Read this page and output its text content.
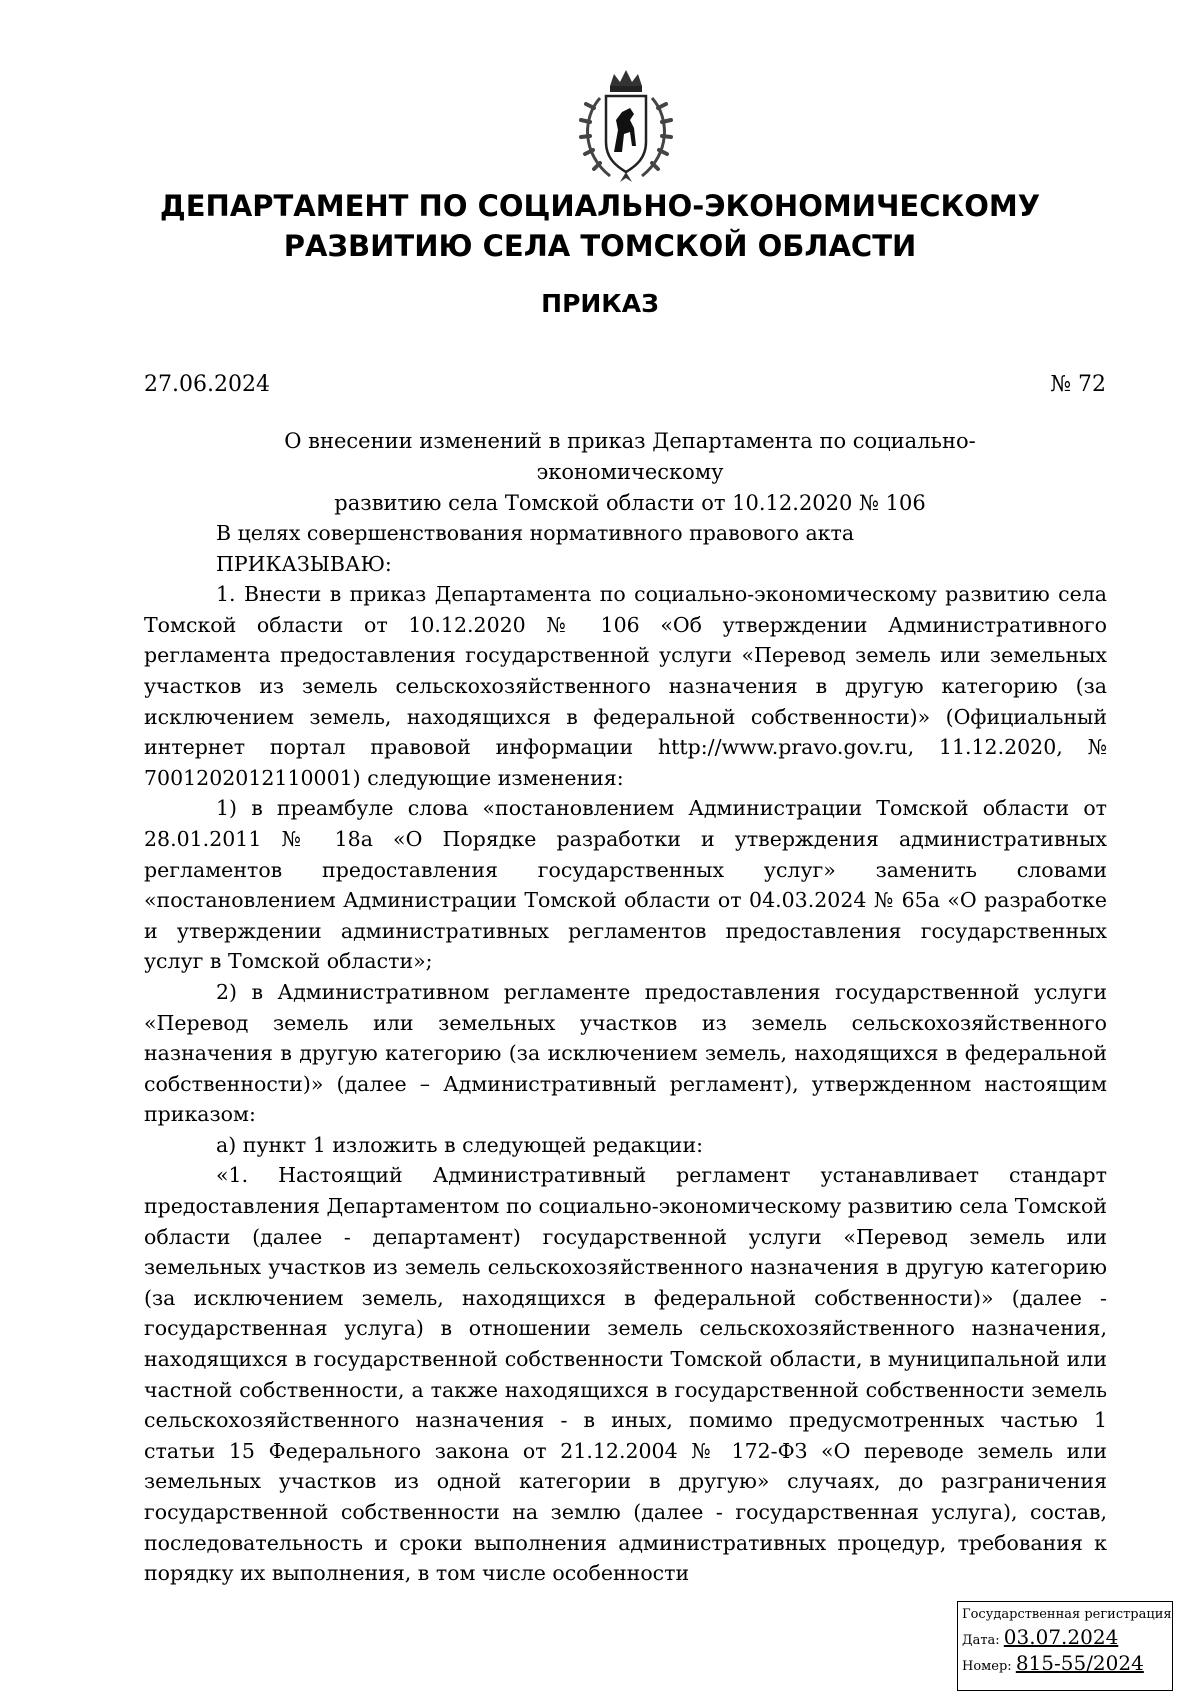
ДЕПАРТАМЕНТ ПО СОЦИАЛЬНО-ЭКОНОМИЧЕСКОМУ
РАЗВИТИЮ СЕЛА ТОМСКОЙ ОБЛАСТИ
ПРИКАЗ
27.06.2024	№ 72
О внесении изменений в приказ Департамента по социально-экономическому
развитию села Томской области от 10.12.2020 № 106

В целях совершенствования нормативного правового акта

ПРИКАЗЫВАЮ:

1. Внести в приказ Департамента по социально-экономическому развитию села Томской области от 10.12.2020 № 106 «Об утверждении Административного регламента предоставления государственной услуги «Перевод земель или земельных участков из земель сельскохозяйственного назначения в другую категорию (за исключением земель, находящихся в федеральной собственности)» (Официальный интернет портал правовой информации http://www.pravo.gov.ru, 11.12.2020, № 7001202012110001) следующие изменения:

1) в преамбуле слова «постановлением Администрации Томской области от 28.01.2011 № 18а «О Порядке разработки и утверждения административных регламентов предоставления государственных услуг» заменить словами «постановлением Администрации Томской области от 04.03.2024 № 65а «О разработке и утверждении административных регламентов предоставления государственных услуг в Томской области»;

2) в Административном регламенте предоставления государственной услуги «Перевод земель или земельных участков из земель сельскохозяйственного назначения в другую категорию (за исключением земель, находящихся в федеральной собственности)» (далее – Административный регламент), утвержденном настоящим приказом:

а) пункт 1 изложить в следующей редакции:

«1. Настоящий Административный регламент устанавливает стандарт предоставления Департаментом по социально-экономическому развитию села Томской области (далее - департамент) государственной услуги «Перевод земель или земельных участков из земель сельскохозяйственного назначения в другую категорию (за исключением земель, находящихся в федеральной собственности)» (далее - государственная услуга) в отношении земель сельскохозяйственного назначения, находящихся в государственной собственности Томской области, в муниципальной или частной собственности, а также находящихся в государственной собственности земель сельскохозяйственного назначения - в иных, помимо предусмотренных частью 1 статьи 15 Федерального закона от 21.12.2004 № 172-ФЗ «О переводе земель или земельных участков из одной категории в другую» случаях, до разграничения государственной собственности на землю (далее - государственная услуга), состав, последовательность и сроки выполнения административных процедур, требования к порядку их выполнения, в том числе особенности

Государственная регистрация
Дата: 03.07.2024
Номер: 815-55/2024
